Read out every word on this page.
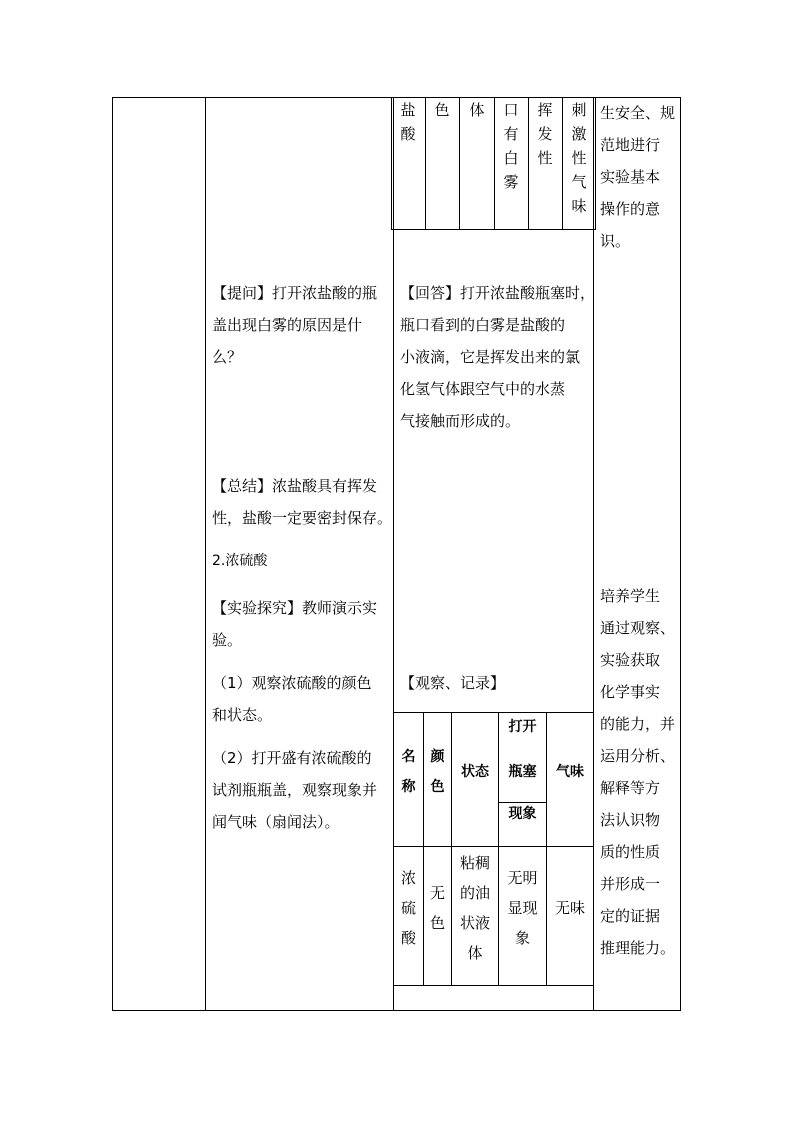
盐
酸
色 体 口
有
白
雾
挥
发
性
刺
激
性
气
味
生安全、规
范地进行
实验基本
操作的意
识。
培养学生
通过观察、
实验获取
化学事实
的能力，并
运用分析、
解释等方
法认识物
质的性质
并形成一
定的证据
推理能力。
【提问】打开浓盐酸的瓶
盖出现白雾的原因是什
么？
【总结】浓盐酸具有挥发
性，盐酸一定要密封保存。
2.浓硫酸
【实验探究】教师演示实
验。
（1）观察浓硫酸的颜色
和状态。
（2）打开盛有浓硫酸的
试剂瓶瓶盖，观察现象并
闻气味（扇闻法）。
【回答】打开浓盐酸瓶塞时，
瓶口看到的白雾是盐酸的
小液滴，它是挥发出来的氯
化氢气体跟空气中的水蒸
气接触而形成的。
【观察、记录】
名
称
颜
色
状态
打开
瓶塞
现象
气味
浓
硫
酸
无
色
粘稠
的油
状液
体
无明
显现
象
无味
